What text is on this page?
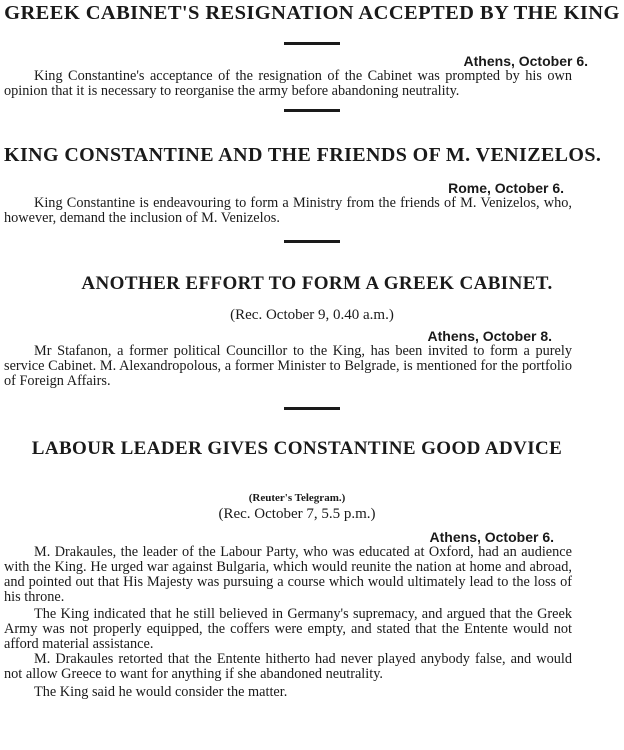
GREEK CABINET'S RESIGNATION ACCEPTED BY THE KING
Athens, October 6.

King Constantine's acceptance of the resignation of the Cabinet was prompted by his own opinion that it is necessary to reorganise the army before abandoning neutrality.

KING CONSTANTINE AND THE FRIENDS OF M. VENIZELOS.
Rome, October 6.

King Constantine is endeavouring to form a Ministry from the friends of M. Venizelos, who, however, demand the inclusion of M. Venizelos.

ANOTHER EFFORT TO FORM A GREEK CABINET.
(Rec. October 9, 0.40 a.m.)
Athens, October 8.

Mr Stafanon, a former political Councillor to the King, has been invited to form a purely service Cabinet. M. Alexandropolous, a former Minister to Belgrade, is mentioned for the portfolio of Foreign Affairs.

LABOUR LEADER GIVES CONSTANTINE GOOD ADVICE
(Reuter's Telegram.)
(Rec. October 7, 5.5 p.m.)
Athens, October 6.

M. Drakaules, the leader of the Labour Party, who was educated at Oxford, had an audience with the King. He urged war against Bulgaria, which would reunite the nation at home and abroad, and pointed out that His Majesty was pursuing a course which would ultimately lead to the loss of his throne.

The King indicated that he still believed in Germany's supremacy, and argued that the Greek Army was not properly equipped, the coffers were empty, and stated that the Entente would not afford material assistance.

M. Drakaules retorted that the Entente hitherto had never played anybody false, and would not allow Greece to want for anything if she abandoned neutrality.

The King said he would consider the matter.
